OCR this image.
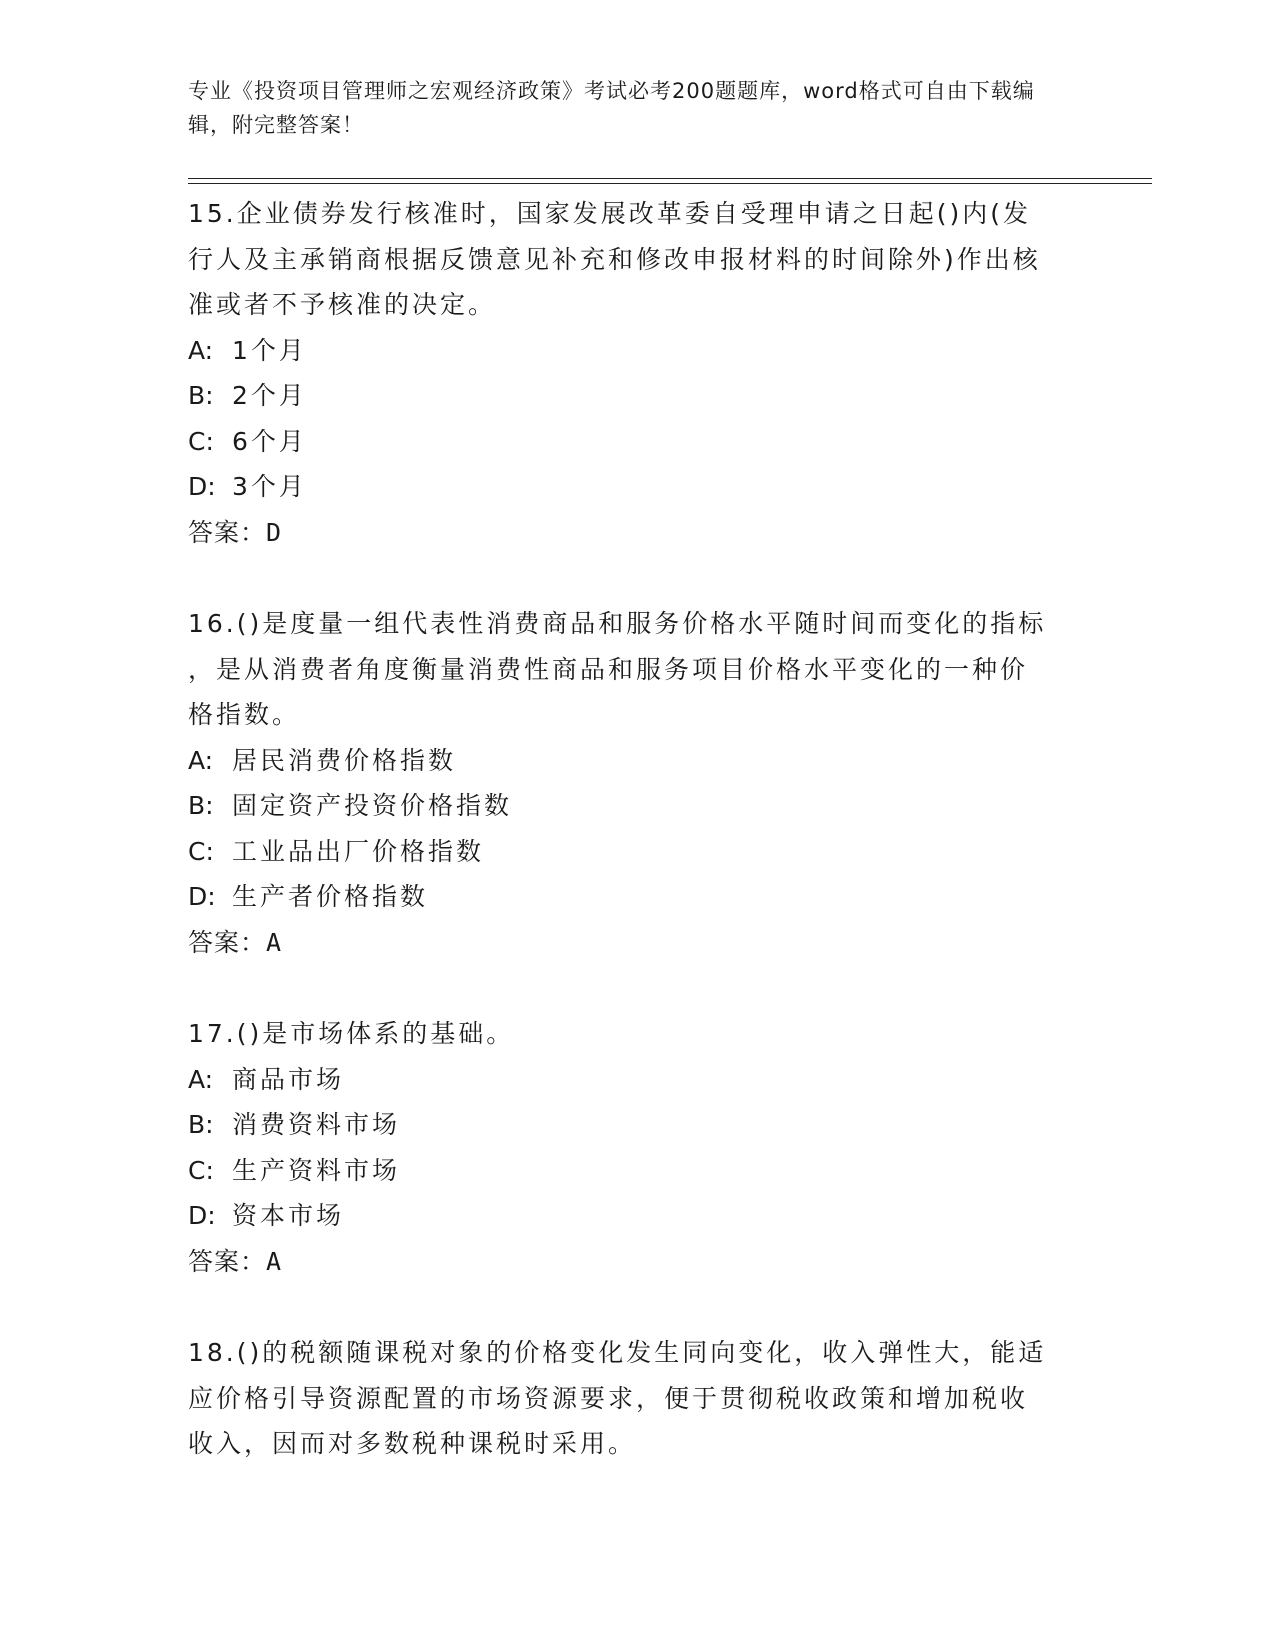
专业《投资项目管理师之宏观经济政策》考试必考200题题库，word格式可自由下载编辑，附完整答案！
15.企业债券发行核准时，国家发展改革委自受理申请之日起()内(发
行人及主承销商根据反馈意见补充和修改申报材料的时间除外)作出核
准或者不予核准的决定。
A: 1个月
B: 2个月
C: 6个月
D: 3个月
答案：D
16.()是度量一组代表性消费商品和服务价格水平随时间而变化的指标
，是从消费者角度衡量消费性商品和服务项目价格水平变化的一种价
格指数。
A: 居民消费价格指数
B: 固定资产投资价格指数
C: 工业品出厂价格指数
D: 生产者价格指数
答案：A
17.()是市场体系的基础。
A: 商品市场
B: 消费资料市场
C: 生产资料市场
D: 资本市场
答案：A
18.()的税额随课税对象的价格变化发生同向变化，收入弹性大，能适
应价格引导资源配置的市场资源要求，便于贯彻税收政策和增加税收
收入，因而对多数税种课税时采用。
